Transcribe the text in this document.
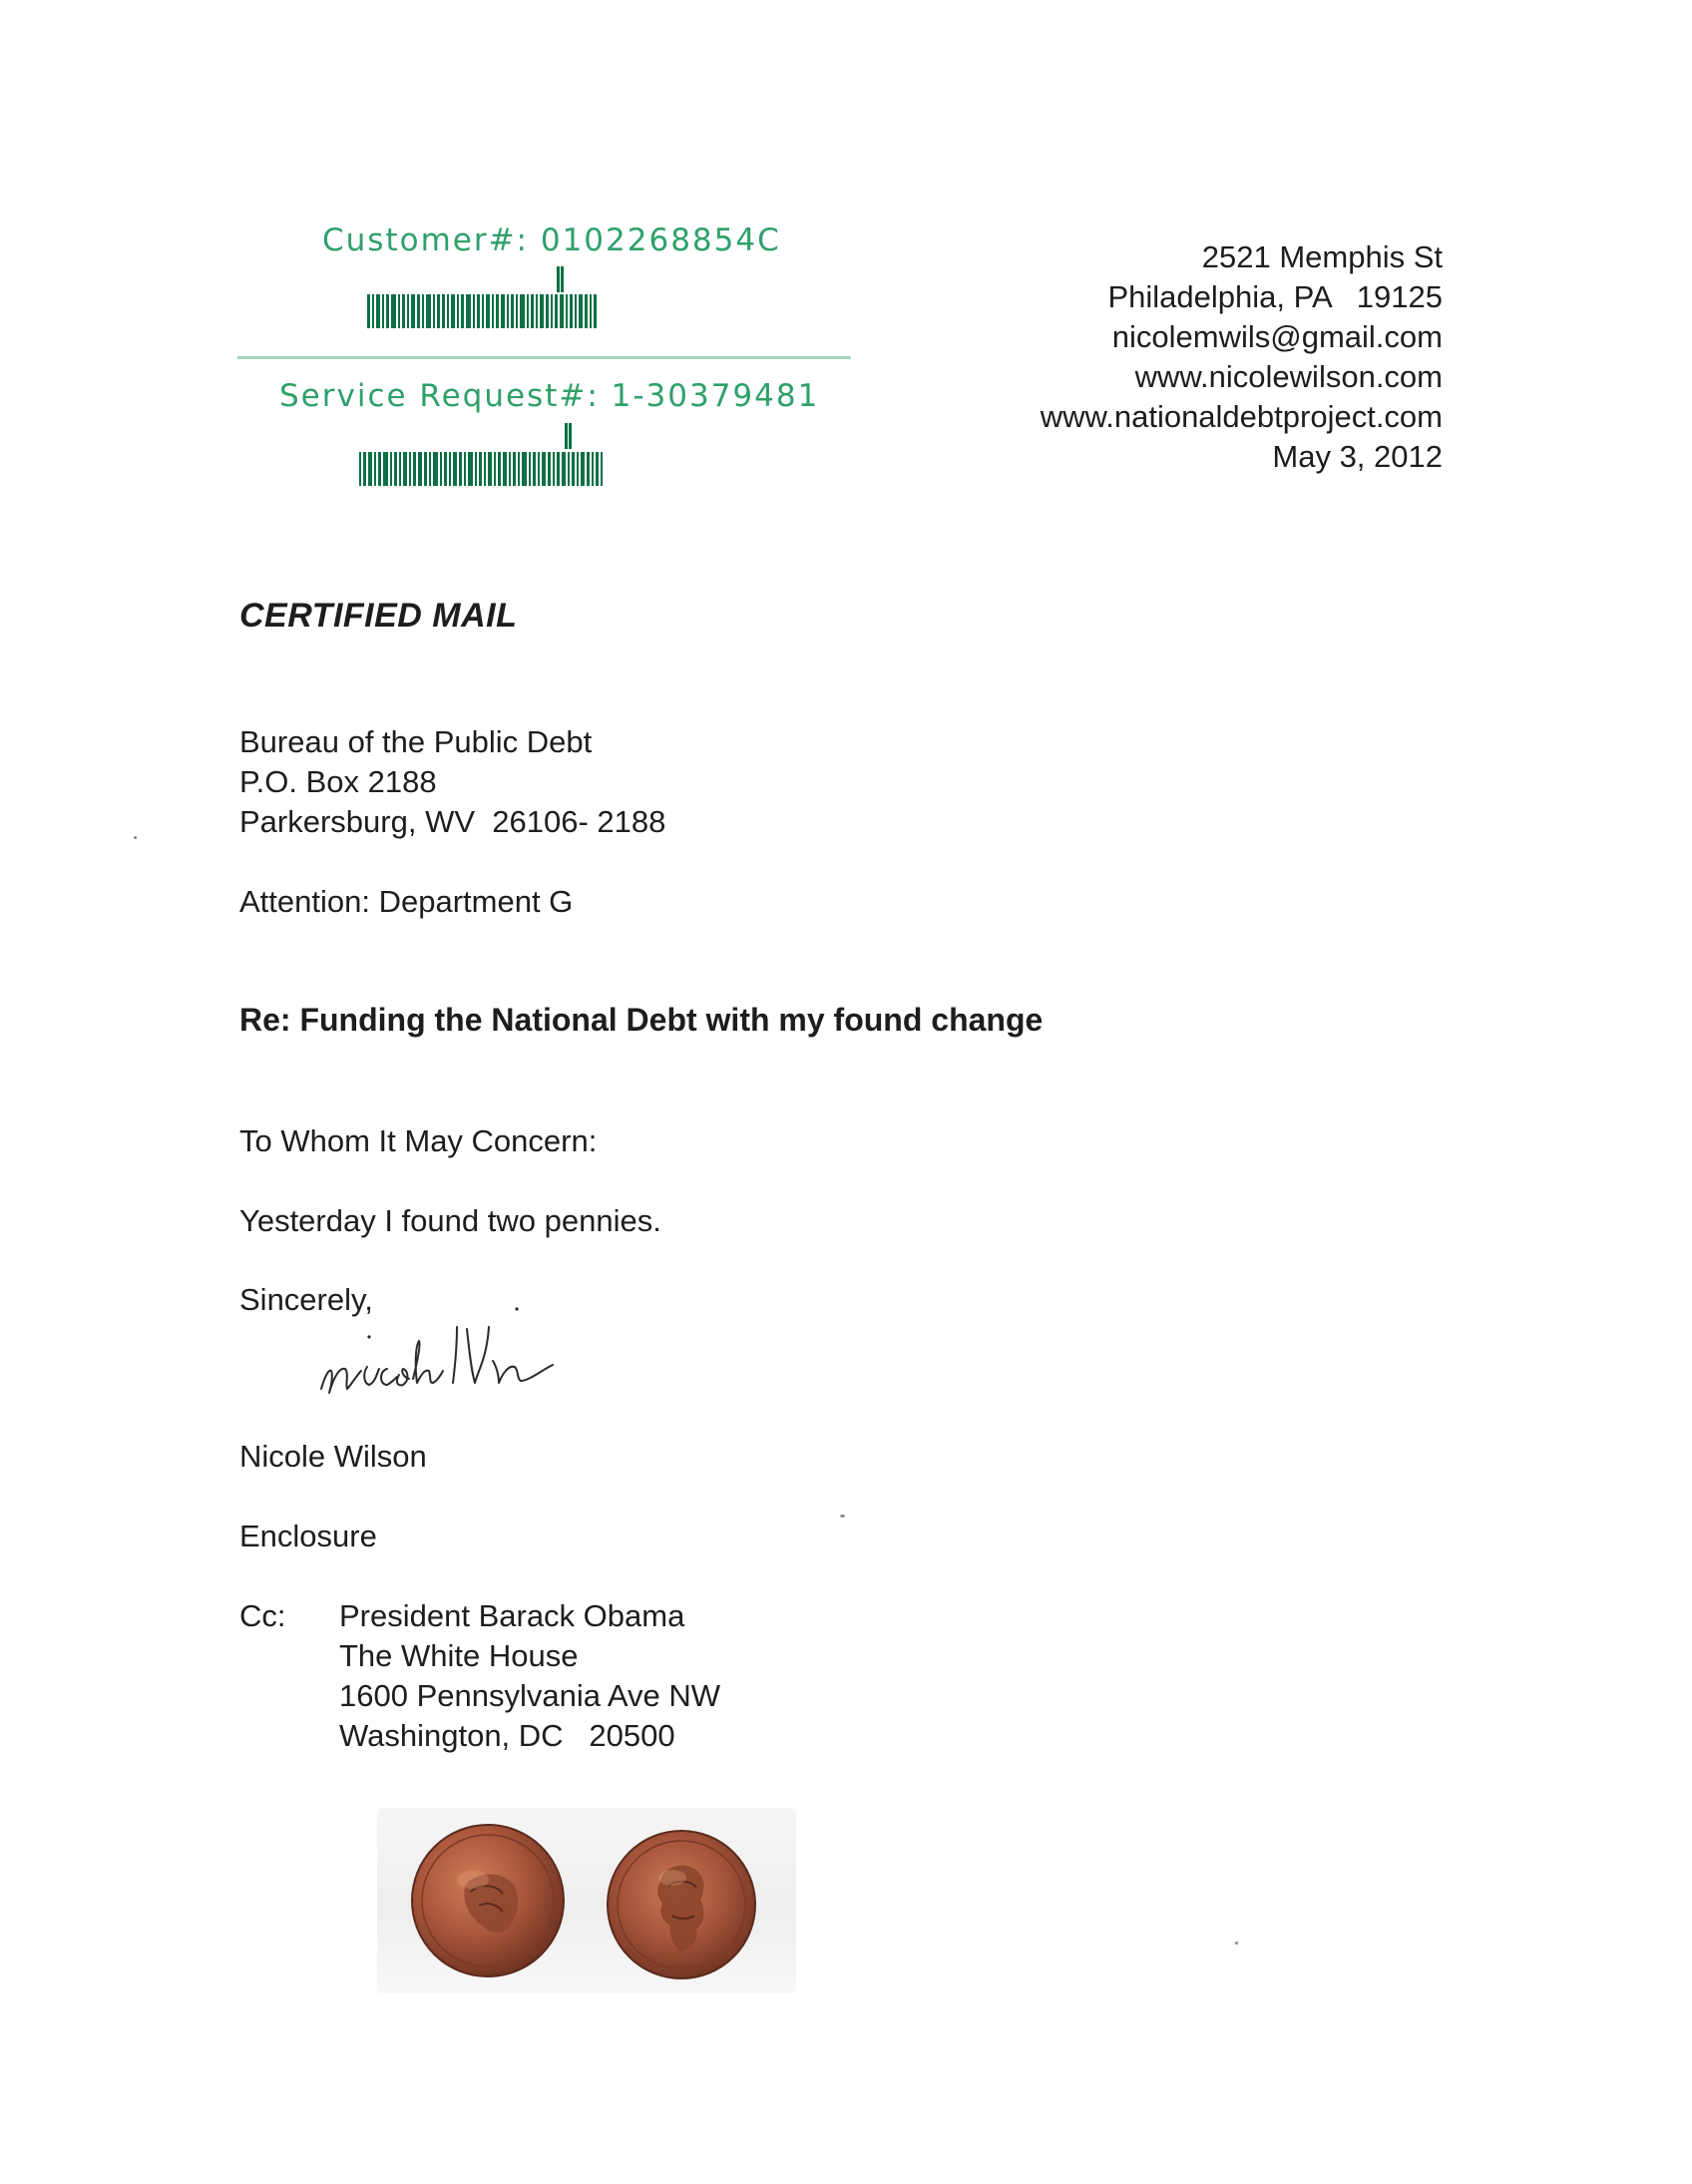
Customer#: 0102268854C
Service Request#: 1-30379481
2521 Memphis St
Philadelphia, PA   19125
nicolemwils@gmail.com
www.nicolewilson.com
www.nationaldebtproject.com
May 3, 2012
CERTIFIED MAIL
Bureau of the Public Debt
P.O. Box 2188
Parkersburg, WV  26106- 2188
Attention: Department G
Re: Funding the National Debt with my found change
To Whom It May Concern:
Yesterday I found two pennies.
Sincerely,
Nicole Wilson
Enclosure
Cc: President Barack Obama
The White House
1600 Pennsylvania Ave NW
Washington, DC   20500
